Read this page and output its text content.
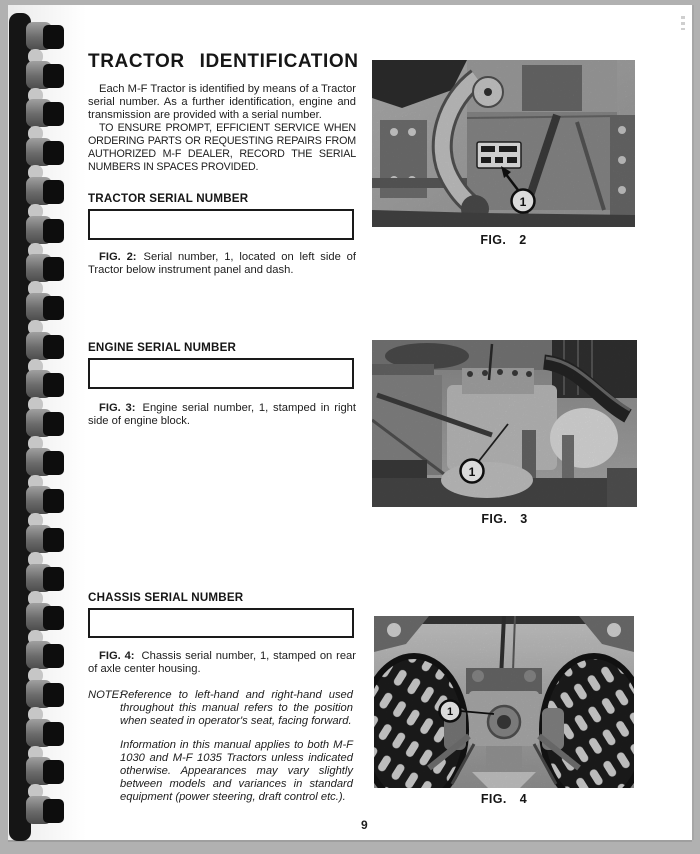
TRACTOR IDENTIFICATION

Each M-F Tractor is identified by means of a Tractor serial number. As a further identification, engine and transmission are provided with a serial number.

TO ENSURE PROMPT, EFFICIENT SERVICE WHEN ORDERING PARTS OR REQUESTING REPAIRS FROM AUTHORIZED M-F DEALER, RECORD THE SERIAL NUMBERS IN SPACES PROVIDED.

TRACTOR SERIAL NUMBER

FIG. 2: Serial number, 1, located on left side of Tractor below instrument panel and dash.

ENGINE SERIAL NUMBER

FIG. 3: Engine serial number, 1, stamped in right side of engine block.

CHASSIS SERIAL NUMBER

FIG. 4: Chassis serial number, 1, stamped on rear of axle center housing.

NOTE:

Reference to left-hand and right-hand used throughout this manual refers to the position when seated in operator's seat, facing forward.

Information in this manual applies to both M-F 1030 and M-F 1035 Tractors unless indicated otherwise. Appearances may vary slightly between models and variances in standard equipment (power steering, draft control etc.).

9
1
FIG. 2
1
FIG. 3
1
FIG. 4
